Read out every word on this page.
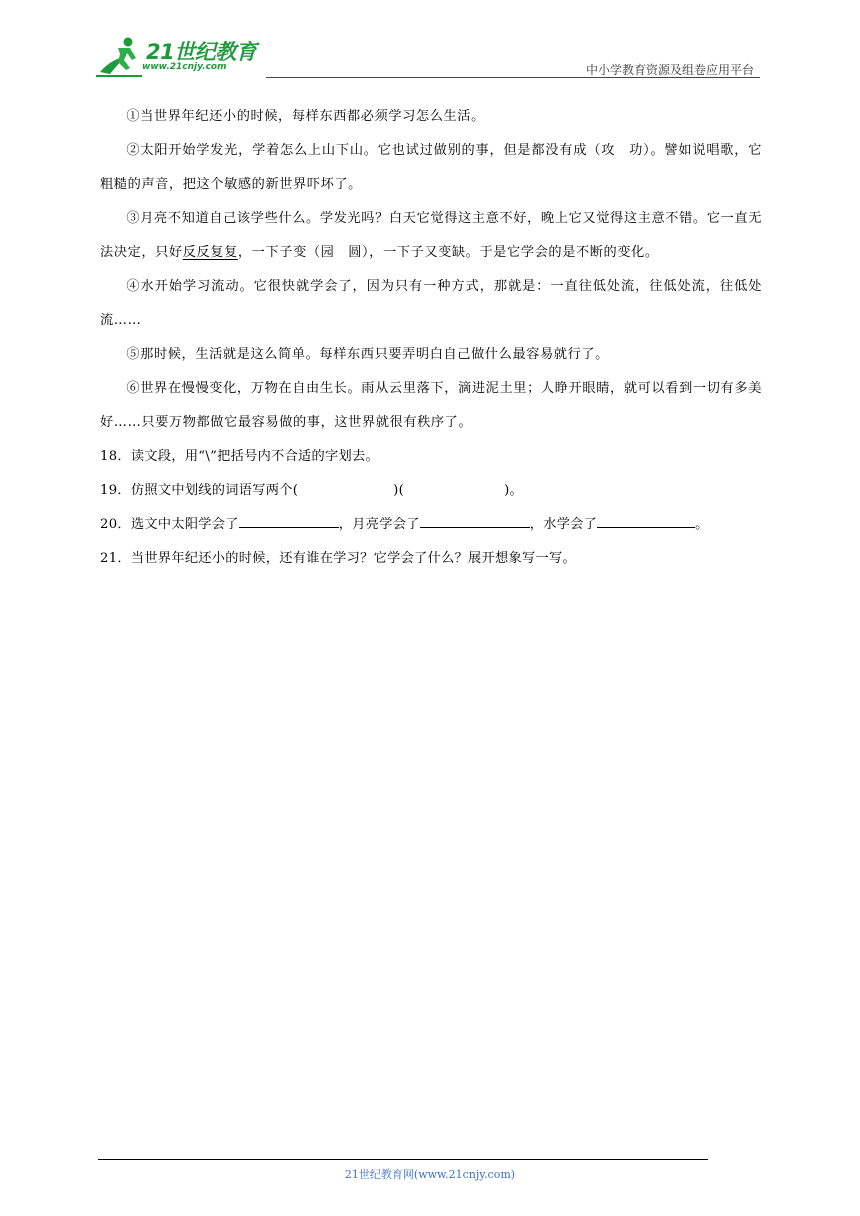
21世纪教育
www.21cnjy.com	中小学教育资源及组卷应用平台

①当世界年纪还小的时候，每样东西都必须学习怎么生活。

②太阳开始学发光，学着怎么上山下山。它也试过做别的事，但是都没有成（攻　功）。譬如说唱歌，它粗糙的声音，把这个敏感的新世界吓坏了。

③月亮不知道自己该学些什么。学发光吗？白天它觉得这主意不好，晚上它又觉得这主意不错。它一直无法决定，只好反反复复，一下子变（园　圆），一下子又变缺。于是它学会的是不断的变化。

④水开始学习流动。它很快就学会了，因为只有一种方式，那就是：一直往低处流，往低处流，往低处流……

⑤那时候，生活就是这么简单。每样东西只要弄明白自己做什么最容易就行了。

⑥世界在慢慢变化，万物在自由生长。雨从云里落下，滴进泥土里；人睁开眼睛，就可以看到一切有多美好……只要万物都做它最容易做的事，这世界就很有秩序了。

18．读文段，用“\”把括号内不合适的字划去。

19．仿照文中划线的词语写两个(	)(	)。

20．选文中太阳学会了	，月亮学会了	，水学会了	。

21．当世界年纪还小的时候，还有谁在学习？它学会了什么？展开想象写一写。

21世纪教育网(www.21cnjy.com)
